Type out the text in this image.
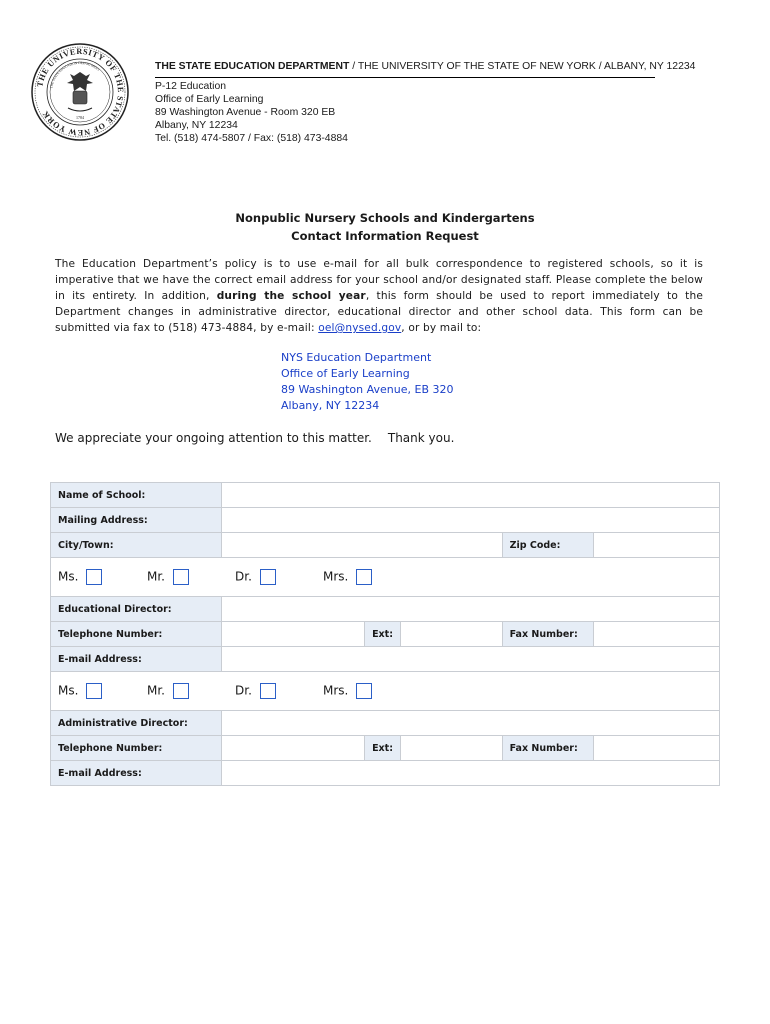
THE UNIVERSITY OF THE STATE OF NEW YORK
THE STATE EDUCATION DEPARTMENT
1784
THE STATE EDUCATION DEPARTMENT / THE UNIVERSITY OF THE STATE OF NEW YORK / ALBANY, NY 12234
P-12 Education
Office of Early Learning
89 Washington Avenue - Room 320 EB
Albany, NY 12234
Tel. (518) 474-5807 / Fax: (518) 473-4884
Nonpublic Nursery Schools and Kindergartens
Contact Information Request
The Education Department’s policy is to use e-mail for all bulk correspondence to registered schools, so it is imperative that we have the correct email address for your school and/or designated staff. Please complete the below in its entirety. In addition, during the school year, this form should be used to report immediately to the Department changes in administrative director, educational director and other school data. This form can be submitted via fax to (518) 473-4884, by e-mail: oel@nysed.gov, or by mail to:
NYS Education Department
Office of Early Learning
89 Washington Avenue, EB 320
Albany, NY 12234
We appreciate your ongoing attention to this matter. Thank you.
Name of School:					
Mailing Address:					
City/Town:				Zip Code:	
Ms. Mr. Dr. Mrs.					
Educational Director:					
Telephone Number:		Ext:		Fax Number:	
E-mail Address:					
Ms. Mr. Dr. Mrs.					
Administrative Director:					
Telephone Number:		Ext:		Fax Number:	
E-mail Address:					
